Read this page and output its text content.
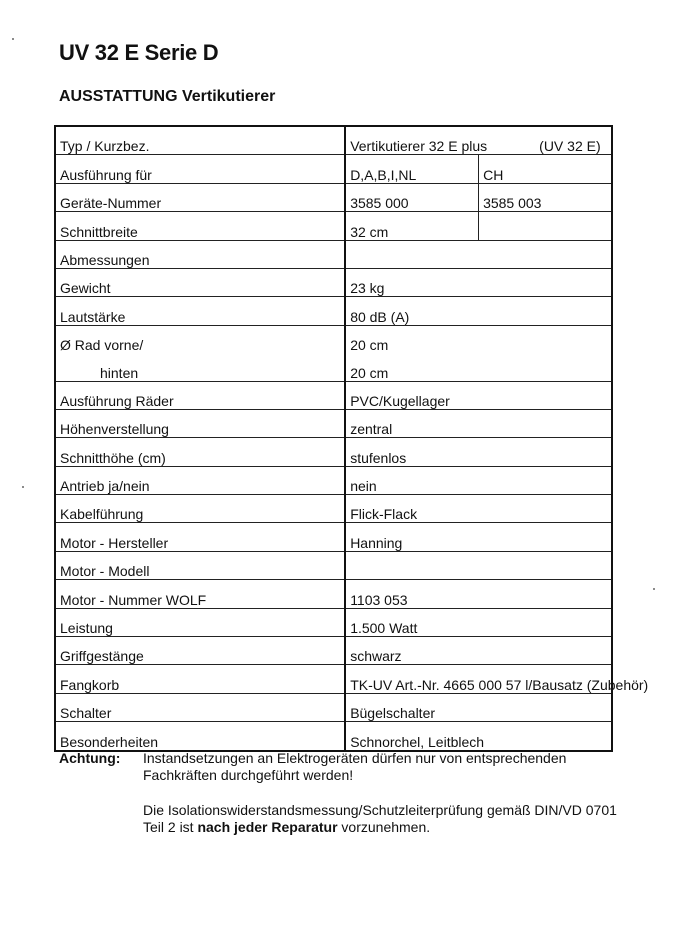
UV 32 E Serie D
AUSSTATTUNG Vertikutierer
Typ / Kurzbez.	Vertikutierer 32 E plus (UV 32 E)	
Ausführung für	D,A,B,I,NL	CH
Geräte-Nummer	3585 000	3585 003
Schnittbreite	32 cm	
Abmessungen		
Gewicht	23 kg	
Lautstärke	80 dB (A)	
Ø Rad vorne/	20 cm	
hinten	20 cm	
Ausführung Räder	PVC/Kugellager	
Höhenverstellung	zentral	
Schnitthöhe (cm)	stufenlos	
Antrieb ja/nein	nein	
Kabelführung	Flick-Flack	
Motor - Hersteller	Hanning	
Motor - Modell		
Motor - Nummer WOLF	1103 053	
Leistung	1.500 Watt	
Griffgestänge	schwarz	
Fangkorb	TK-UV Art.-Nr. 4665 000 57 l/Bausatz (Zubehör)	
Schalter	Bügelschalter	
Besonderheiten	Schnorchel, Leitblech	
Achtung: Instandsetzungen an Elektrogeräten dürfen nur von entsprechenden Fachkräften durchgeführt werden!
Die Isolationswiderstandsmessung/Schutzleiterprüfung gemäß DIN/VD 0701 Teil 2 ist nach jeder Reparatur vorzunehmen.
